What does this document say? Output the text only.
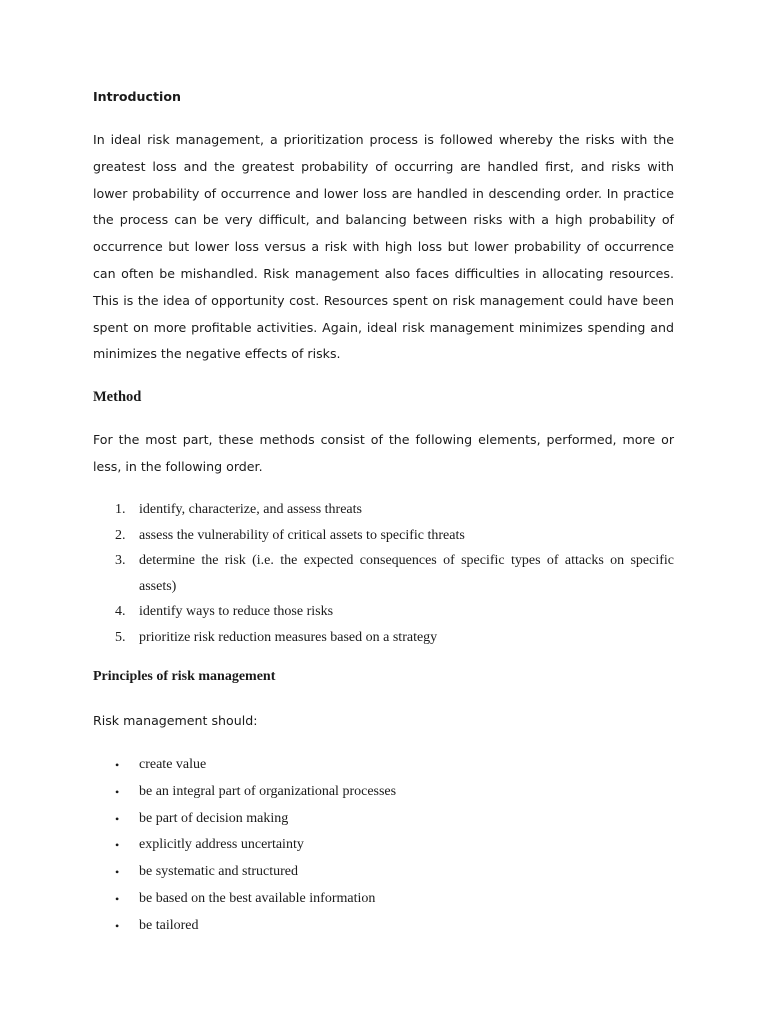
Introduction

In ideal risk management, a prioritization process is followed whereby the risks with the greatest loss and the greatest probability of occurring are handled first, and risks with lower probability of occurrence and lower loss are handled in descending order. In practice the process can be very difficult, and balancing between risks with a high probability of occurrence but lower loss versus a risk with high loss but lower probability of occurrence can often be mishandled. Risk management also faces difficulties in allocating resources. This is the idea of opportunity cost. Resources spent on risk management could have been spent on more profitable activities. Again, ideal risk management minimizes spending and minimizes the negative effects of risks.

Method

For the most part, these methods consist of the following elements, performed, more or less, in the following order.

1. identify, characterize, and assess threats
2. assess the vulnerability of critical assets to specific threats
3. determine the risk (i.e. the expected consequences of specific types of attacks on specific assets)
4. identify ways to reduce those risks
5. prioritize risk reduction measures based on a strategy
Principles of risk management

Risk management should:

• create value
• be an integral part of organizational processes
• be part of decision making
• explicitly address uncertainty
• be systematic and structured
• be based on the best available information
• be tailored
